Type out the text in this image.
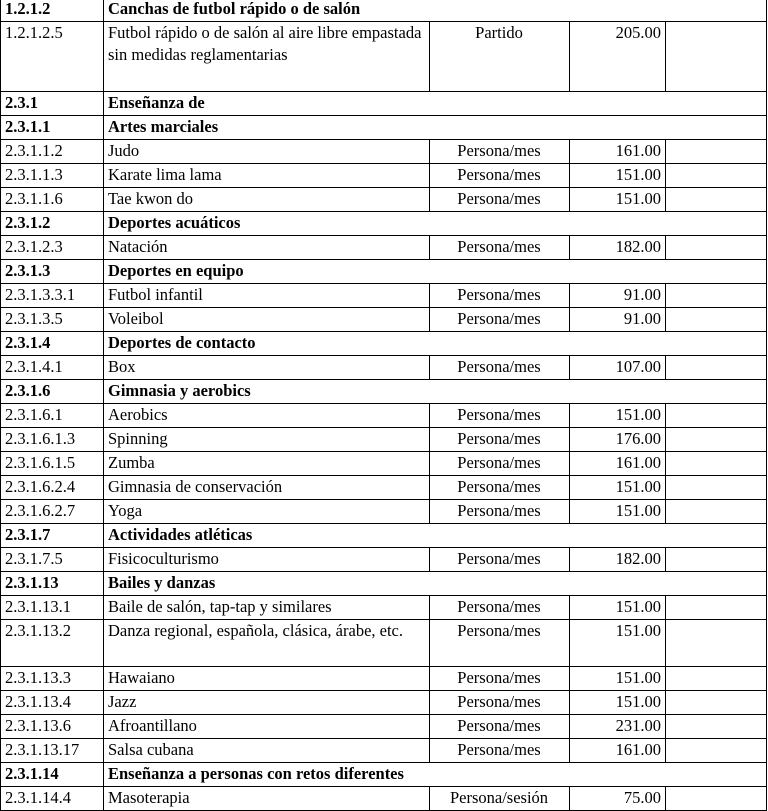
1.2.1.2	Canchas de futbol rápido o de salón			
1.2.1.2.5	Futbol rápido o de salón al aire libre empastada sin medidas reglamentarias	Partido	205.00	
2.3.1	Enseñanza de			
2.3.1.1	Artes marciales			
2.3.1.1.2	Judo	Persona/mes	161.00	
2.3.1.1.3	Karate lima lama	Persona/mes	151.00	
2.3.1.1.6	Tae kwon do	Persona/mes	151.00	
2.3.1.2	Deportes acuáticos			
2.3.1.2.3	Natación	Persona/mes	182.00	
2.3.1.3	Deportes en equipo			
2.3.1.3.3.1	Futbol infantil	Persona/mes	91.00	
2.3.1.3.5	Voleibol	Persona/mes	91.00	
2.3.1.4	Deportes de contacto			
2.3.1.4.1	Box	Persona/mes	107.00	
2.3.1.6	Gimnasia y aerobics			
2.3.1.6.1	Aerobics	Persona/mes	151.00	
2.3.1.6.1.3	Spinning	Persona/mes	176.00	
2.3.1.6.1.5	Zumba	Persona/mes	161.00	
2.3.1.6.2.4	Gimnasia de conservación	Persona/mes	151.00	
2.3.1.6.2.7	Yoga	Persona/mes	151.00	
2.3.1.7	Actividades atléticas			
2.3.1.7.5	Fisicoculturismo	Persona/mes	182.00	
2.3.1.13	Bailes y danzas			
2.3.1.13.1	Baile de salón, tap-tap y similares	Persona/mes	151.00	
2.3.1.13.2	Danza regional, española, clásica, árabe, etc.	Persona/mes	151.00	
2.3.1.13.3	Hawaiano	Persona/mes	151.00	
2.3.1.13.4	Jazz	Persona/mes	151.00	
2.3.1.13.6	Afroantillano	Persona/mes	231.00	
2.3.1.13.17	Salsa cubana	Persona/mes	161.00	
2.3.1.14	Enseñanza a personas con retos diferentes			
2.3.1.14.4	Masoterapia	Persona/sesión	75.00	
